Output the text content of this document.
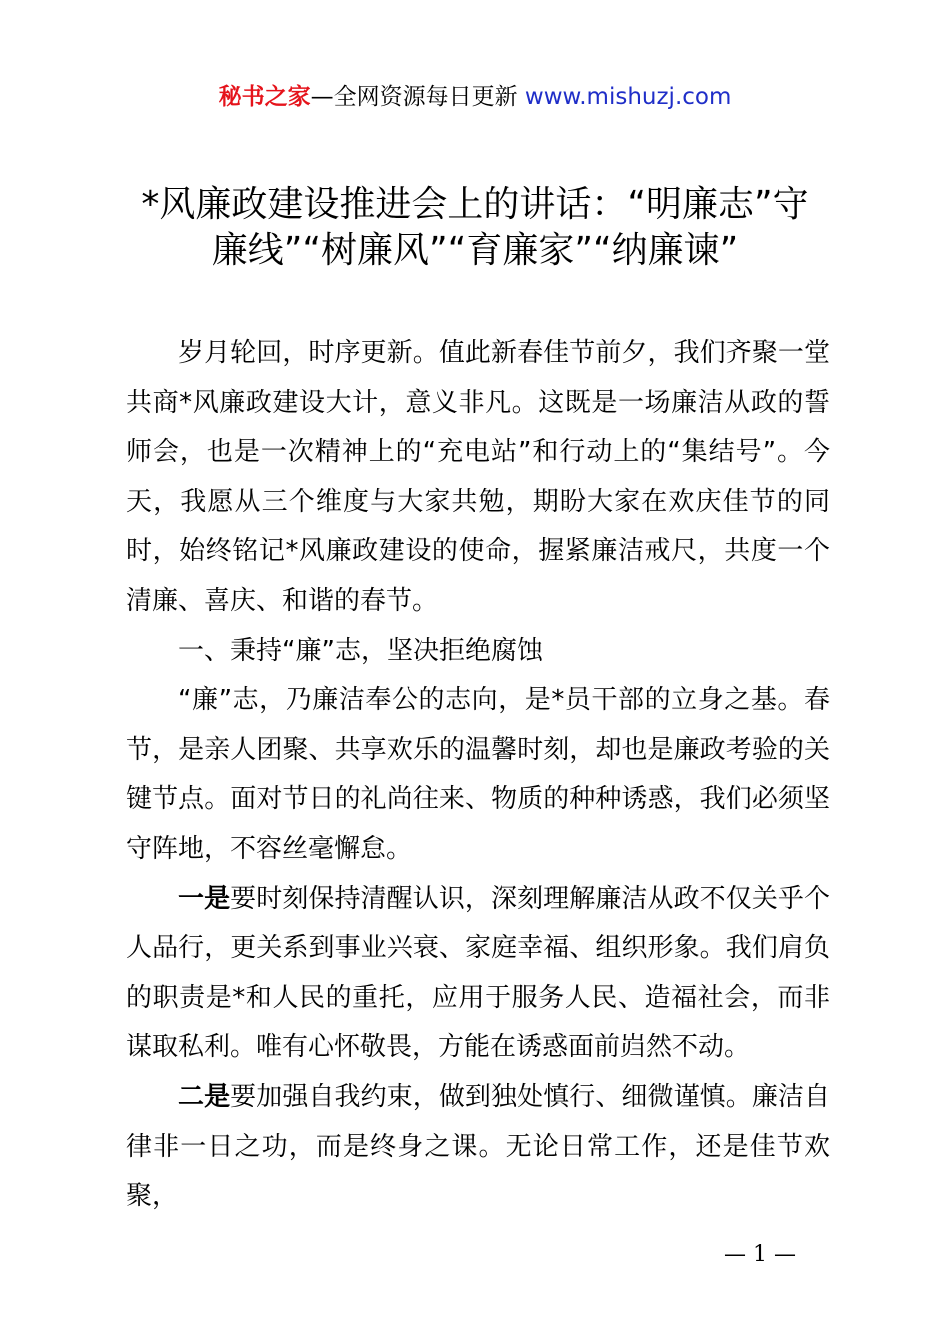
秘书之家—全网资源每日更新 www.mishuzj.com
*风廉政建设推进会上的讲话：“明廉志”守
廉线”“树廉风”“育廉家”“纳廉谏”

岁月轮回，时序更新。值此新春佳节前夕，我们齐聚一堂共商*风廉政建设大计，意义非凡。这既是一场廉洁从政的誓师会，也是一次精神上的“充电站”和行动上的“集结号”。今天，我愿从三个维度与大家共勉，期盼大家在欢庆佳节的同时，始终铭记*风廉政建设的使命，握紧廉洁戒尺，共度一个清廉、喜庆、和谐的春节。

一、秉持“廉”志，坚决拒绝腐蚀

“廉”志，乃廉洁奉公的志向，是*员干部的立身之基。春节，是亲人团聚、共享欢乐的温馨时刻，却也是廉政考验的关键节点。面对节日的礼尚往来、物质的种种诱惑，我们必须坚守阵地，不容丝毫懈怠。

一是要时刻保持清醒认识，深刻理解廉洁从政不仅关乎个人品行，更关系到事业兴衰、家庭幸福、组织形象。我们肩负的职责是*和人民的重托，应用于服务人民、造福社会，而非谋取私利。唯有心怀敬畏，方能在诱惑面前岿然不动。

二是要加强自我约束，做到独处慎行、细微谨慎。廉洁自律非一日之功，而是终身之课。无论日常工作，还是佳节欢聚，

— 1 —
